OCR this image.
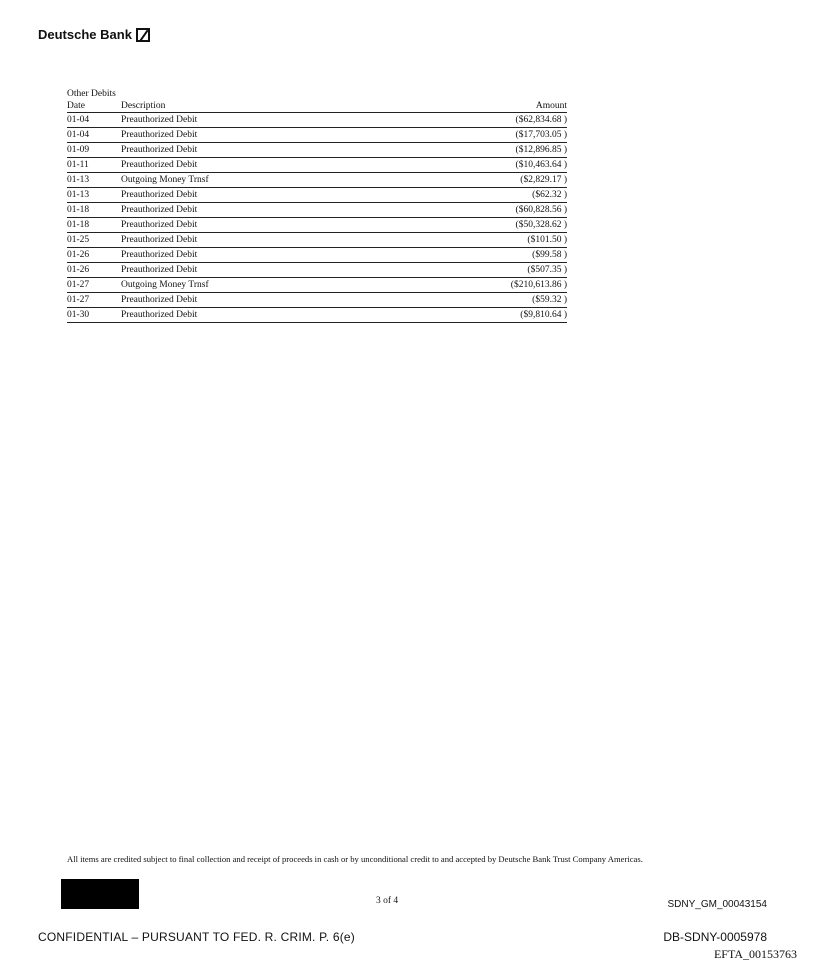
Deutsche Bank
Other Debits
Date	Description	Amount
01-04	Preauthorized Debit	($62,834.68 )
01-04	Preauthorized Debit	($17,703.05 )
01-09	Preauthorized Debit	($12,896.85 )
01-11	Preauthorized Debit	($10,463.64 )
01-13	Outgoing Money Trnsf	($2,829.17 )
01-13	Preauthorized Debit	($62.32 )
01-18	Preauthorized Debit	($60,828.56 )
01-18	Preauthorized Debit	($50,328.62 )
01-25	Preauthorized Debit	($101.50 )
01-26	Preauthorized Debit	($99.58 )
01-26	Preauthorized Debit	($507.35 )
01-27	Outgoing Money Trnsf	($210,613.86 )
01-27	Preauthorized Debit	($59.32 )
01-30	Preauthorized Debit	($9,810.64 )
All items are credited subject to final collection and receipt of proceeds in cash or by unconditional credit to and accepted by Deutsche Bank Trust Company Americas.
3 of 4	SDNY_GM_00043154
CONFIDENTIAL – PURSUANT TO FED. R. CRIM. P. 6(e)	DB-SDNY-0005978
EFTA_00153763
